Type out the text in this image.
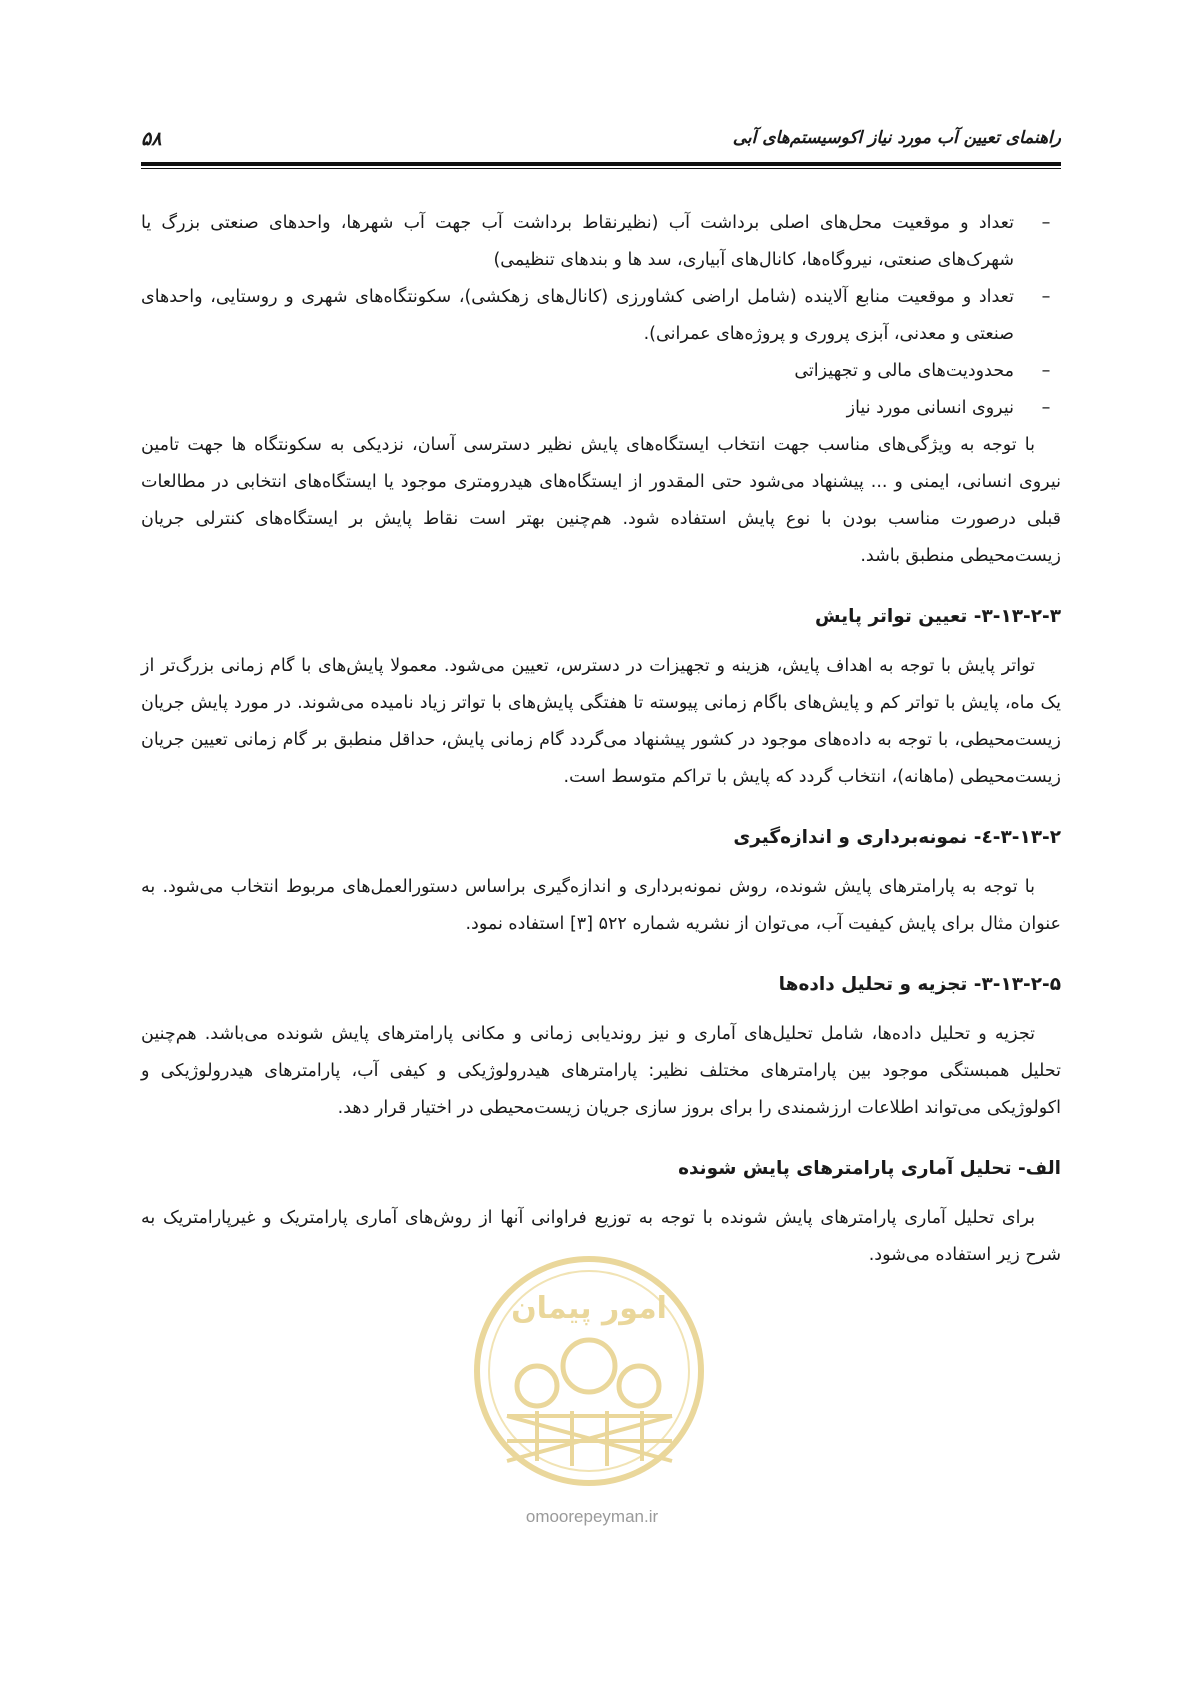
راهنمای تعیین آب مورد نیاز اکوسیستم‌های آبی
۵۸
–
تعداد و موقعیت محل‌های اصلی برداشت آب (نظیرنقاط برداشت آب جهت آب شهرها، واحدهای صنعتی بزرگ یا شهرک‌های صنعتی، نیروگاه‌ها، کانال‌های آبیاری، سد ها و بندهای تنظیمی)
–
تعداد و موقعیت منابع آلاینده (شامل اراضی کشاورزی (کانال‌های زهکشی)، سکونتگاه‌های شهری و روستایی، واحدهای صنعتی و معدنی، آبزی پروری و پروژه‌های عمرانی).
–
محدودیت‌های مالی و تجهیزاتی
–
نیروی انسانی مورد نیاز

با توجه به ویژگی‌های مناسب جهت انتخاب ایستگاه‌های پایش نظیر دسترسی آسان، نزدیکی به سکونتگاه ها جهت تامین نیروی انسانی، ایمنی و ... پیشنهاد می‌شود حتی المقدور از ایستگاه‌های هیدرومتری موجود یا ایستگاه‌های انتخابی در مطالعات قبلی درصورت مناسب بودن با نوع پایش استفاده شود. هم‌چنین بهتر است نقاط پایش بر ایستگاه‌های کنترلی جریان زیست‌محیطی منطبق باشد.

۳-۱۳-۲-۳- تعیین تواتر پایش

تواتر پایش با توجه به اهداف پایش، هزینه و تجهیزات در دسترس، تعیین می‌شود. معمولا پایش‌های با گام زمانی بزرگ‌تر از یک ماه، پایش با تواتر کم و پایش‌های باگام زمانی پیوسته تا هفتگی پایش‌های با تواتر زیاد نامیده می‌شوند. در مورد پایش جریان زیست‌محیطی، با توجه به داده‌های موجود در کشور پیشنهاد می‌گردد گام زمانی پایش، حداقل منطبق بر گام زمانی تعیین جریان زیست‌محیطی (ماهانه)، انتخاب گردد که پایش با تراکم متوسط است.

۳-۱۳-۲-٤- نمونه‌برداری و اندازه‌گیری

با توجه به پارامترهای پایش شونده، روش نمونه‌برداری و اندازه‌گیری براساس دستورالعمل‌های مربوط انتخاب می‌شود. به عنوان مثال برای پایش کیفیت آب، می‌توان از نشریه شماره ۵۲۲ [۳] استفاده نمود.

۳-۱۳-۲-۵- تجزیه و تحلیل داده‌ها

تجزیه و تحلیل داده‌ها، شامل تحلیل‌های آماری و نیز روندیابی زمانی و مکانی پارامترهای پایش شونده می‌باشد. هم‌چنین تحلیل همبستگی موجود بین پارامترهای مختلف نظیر: پارامترهای هیدرولوژیکی و کیفی آب، پارامترهای هیدرولوژیکی و اکولوژیکی می‌تواند اطلاعات ارزشمندی را برای بروز سازی جریان زیست‌محیطی در اختیار قرار دهد.

الف- تحلیل آماری پارامترهای پایش شونده

برای تحلیل آماری پارامترهای پایش شونده با توجه به توزیع فراوانی آنها از روش‌های آماری پارامتریک و غیرپارامتریک به شرح زیر استفاده می‌شود.

امور پیمان
omoorepeyman.ir
